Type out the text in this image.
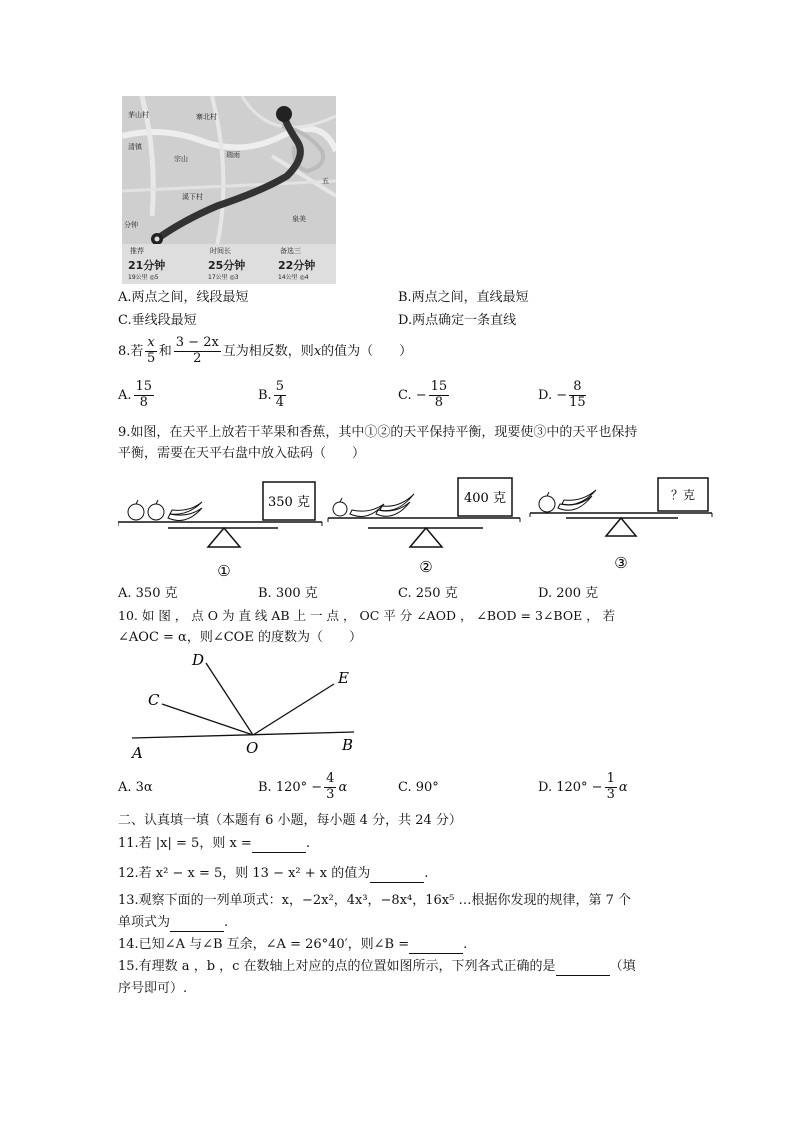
茅山村	寨北村
清镇
宗山	瑞雨
溪下村
五
泉美
分钟
推荐
21分钟
19公里 ◎5
时间长
25分钟
17公里 ◎3
备选三
22分钟
14公里 ◎4
A.两点之间，线段最短	B.两点之间，直线最短
C.垂线段最短	D.两点确定一条直线
8.若 $\frac{x}{5}$ 和 $\frac{3 - 2x}{2}$ 互为相反数，则x的值为（　　）
A. $\frac{15}{8}$	B. $\frac{5}{4}$	C. − $\frac{15}{8}$	D. − $\frac{8}{15}$
9.如图，在天平上放若干苹果和香蕉，其中①②的天平保持平衡，现要使③中的天平也保持
平衡，需要在天平右盘中放入砝码（　　）
350 克
①
400 克
②
？克
③
A. 350 克	B. 300 克	C. 250 克	D. 200 克
10. 如 图 ， 点 O 为 直 线 AB 上 一 点 ， OC 平 分 ∠AOD ， ∠BOD = 3∠BOE ， 若
∠AOC = α，则∠COE 的度数为（　　）
D
C
E
A	O	B
A. 3α	B. $120^\circ - \frac{4}{3}$ α	C. 90°	D. $120^\circ - \frac{1}{3}$ α
二、认真填一填（本题有 6 小题，每小题 4 分，共 24 分）
11.若 |x| = 5，则 x =	.
12.若 x² − x = 5，则 13 − x² + x 的值为	.
13.观察下面的一列单项式：x，−2x²，4x³，−8x⁴，16x⁵ …根据你发现的规律，第 7 个
单项式为	.
14.已知∠A 与∠B 互余，∠A = 26°40′，则∠B =	.
15.有理数 a ，b ，c 在数轴上对应的点的位置如图所示，下列各式正确的是	（填
序号即可）.
